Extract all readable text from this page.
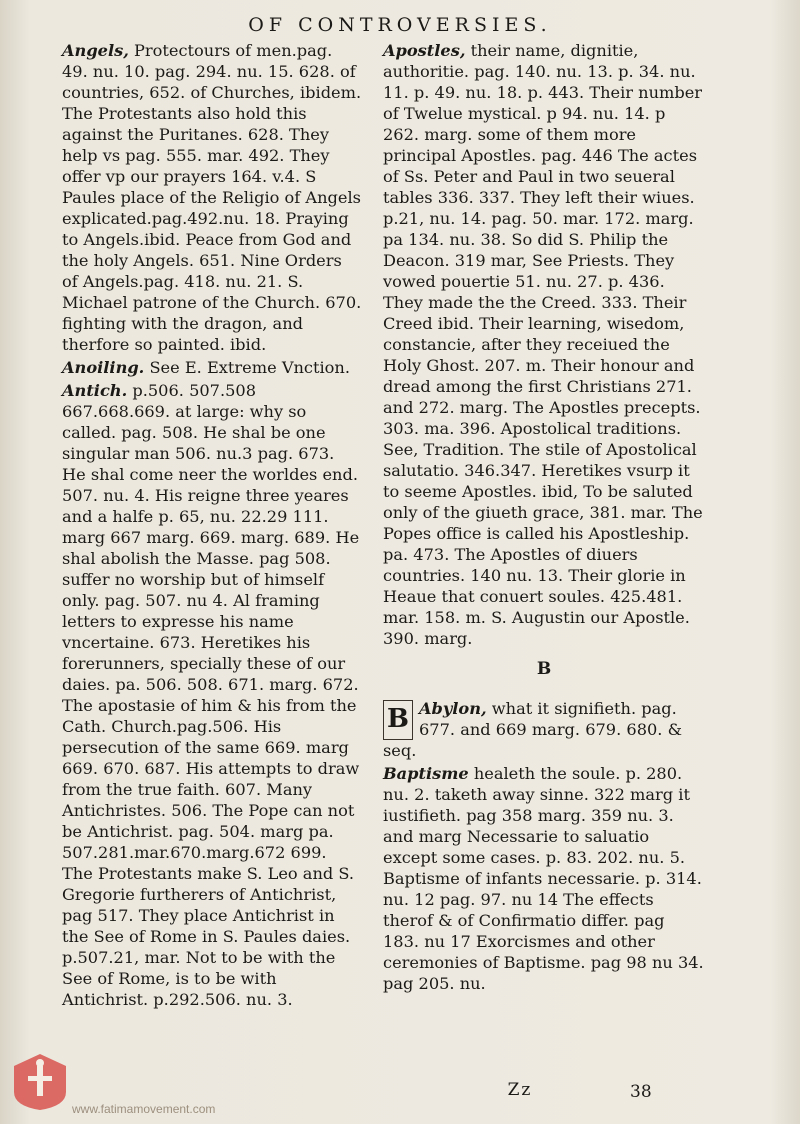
OF CONTROVERSIES.

Angels, Protectours of men.pag. 49. nu. 10. pag. 294. nu. 15. 628. of countries, 652. of Churches, ibidem. The Protestants also hold this against the Puritanes. 628. They help vs pag. 555. mar. 492. They offer vp our prayers 164. v.4. S Paules place of the Religio of Angels explicated.pag.492.nu. 18. Praying to Angels.ibid. Peace from God and the holy Angels. 651. Nine Orders of Angels.pag. 418. nu. 21. S. Michael patrone of the Church. 670. fighting with the dragon, and therfore so painted. ibid.

Anoiling. See E. Extreme Vnction.

Antich. p.506. 507.508 667.668.669. at large: why so called. pag. 508. He shal be one singular man 506. nu.3 pag. 673. He shal come neer the worldes end. 507. nu. 4. His reigne three yeares and a halfe p. 65, nu. 22.29 111. marg 667 marg. 669. marg. 689. He shal abolish the Masse. pag 508. suffer no worship but of himself only. pag. 507. nu 4. Al framing letters to expresse his name vncertaine. 673. Heretikes his forerunners, specially these of our daies. pa. 506. 508. 671. marg. 672. The apostasie of him & his from the Cath. Church.pag.506. His persecution of the same 669. marg 669. 670. 687. His attempts to draw from the true faith. 607. Many Antichristes. 506. The Pope can not be Antichrist. pag. 504. marg pa. 507.281.mar.670.marg.672 699. The Protestants make S. Leo and S. Gregorie furtherers of Antichrist, pag 517. They place Antichrist in the See of Rome in S. Paules daies. p.507.21, mar. Not to be with the See of Rome, is to be with Antichrist. p.292.506. nu. 3.

Apostles, their name, dignitie, authoritie. pag. 140. nu. 13. p. 34. nu. 11. p. 49. nu. 18. p. 443. Their number of Twelue mystical. p 94. nu. 14. p 262. marg. some of them more principal Apostles. pag. 446 The actes of Ss. Peter and Paul in two seueral tables 336. 337. They left their wiues. p.21, nu. 14. pag. 50. mar. 172. marg. pa 134. nu. 38. So did S. Philip the Deacon. 319 mar, See Priests. They vowed pouertie 51. nu. 27. p. 436. They made the the Creed. 333. Their Creed ibid. Their learning, wisedom, constancie, after they receiued the Holy Ghost. 207. m. Their honour and dread among the first Christians 271. and 272. marg. The Apostles precepts. 303. ma. 396. Apostolical traditions. See, Tradition. The stile of Apostolical salutatio. 346.347. Heretikes vsurp it to seeme Apostles. ibid, To be saluted only of the giueth grace, 381. mar. The Popes office is called his Apostleship. pa. 473. The Apostles of diuers countries. 140 nu. 13. Their glorie in Heaue that conuert soules. 425.481. mar. 158. m. S. Augustin our Apostle. 390. marg.

B

B Abylon, what it signifieth. pag. 677. and 669 marg. 679. 680. & seq.

Baptisme healeth the soule. p. 280. nu. 2. taketh away sinne. 322 marg it iustifieth. pag 358 marg. 359 nu. 3. and marg Necessarie to saluatio except some cases. p. 83. 202. nu. 5. Baptisme of infants necessarie. p. 314. nu. 12 pag. 97. nu 14 The effects therof & of Confirmatio differ. pag 183. nu 17 Exorcismes and other ceremonies of Baptisme. pag 98 nu 34. pag 205. nu.

Zz	38
www.fatimamovement.com
